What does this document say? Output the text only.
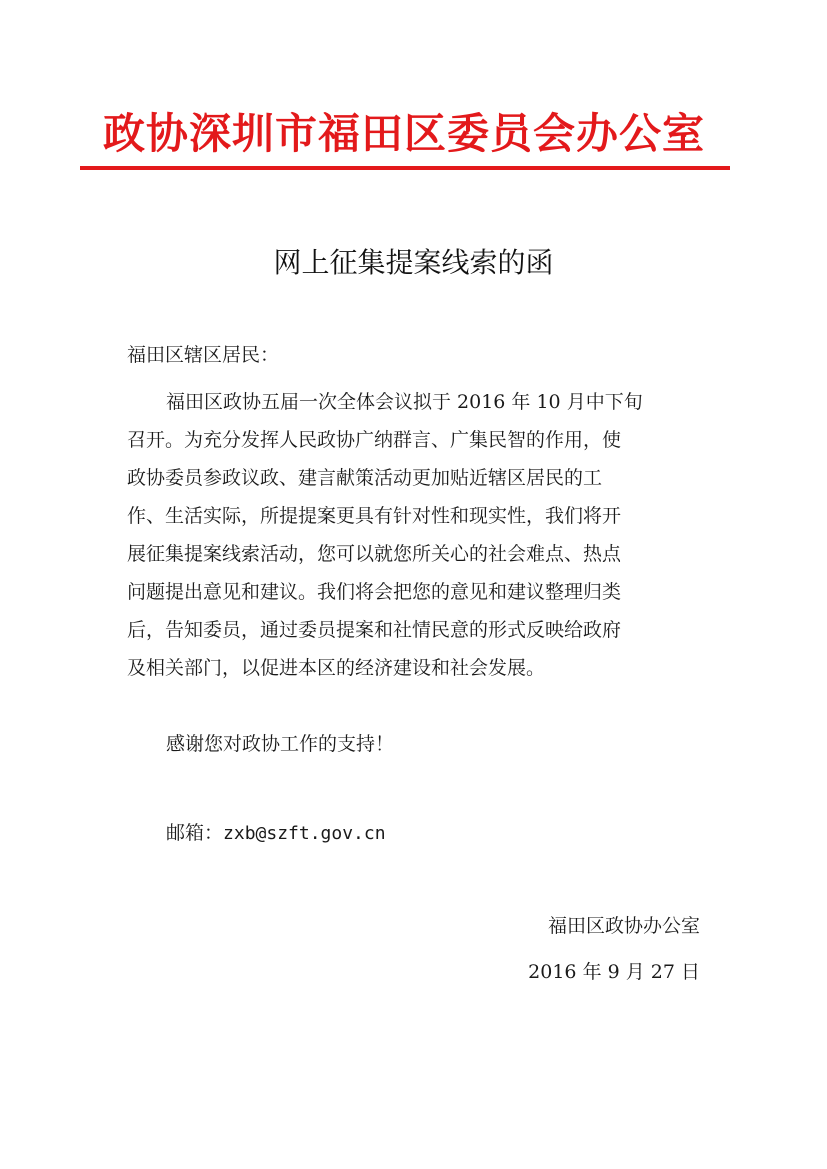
政协深圳市福田区委员会办公室
网上征集提案线索的函
福田区辖区居民：
福田区政协五届一次全体会议拟于 2016 年 10 月中下旬
召开。为充分发挥人民政协广纳群言、广集民智的作用，使
政协委员参政议政、建言献策活动更加贴近辖区居民的工
作、生活实际，所提提案更具有针对性和现实性，我们将开
展征集提案线索活动，您可以就您所关心的社会难点、热点
问题提出意见和建议。我们将会把您的意见和建议整理归类
后，告知委员，通过委员提案和社情民意的形式反映给政府
及相关部门，以促进本区的经济建设和社会发展。
感谢您对政协工作的支持！
邮箱：zxb@szft.gov.cn
福田区政协办公室
2016 年 9 月 27 日
